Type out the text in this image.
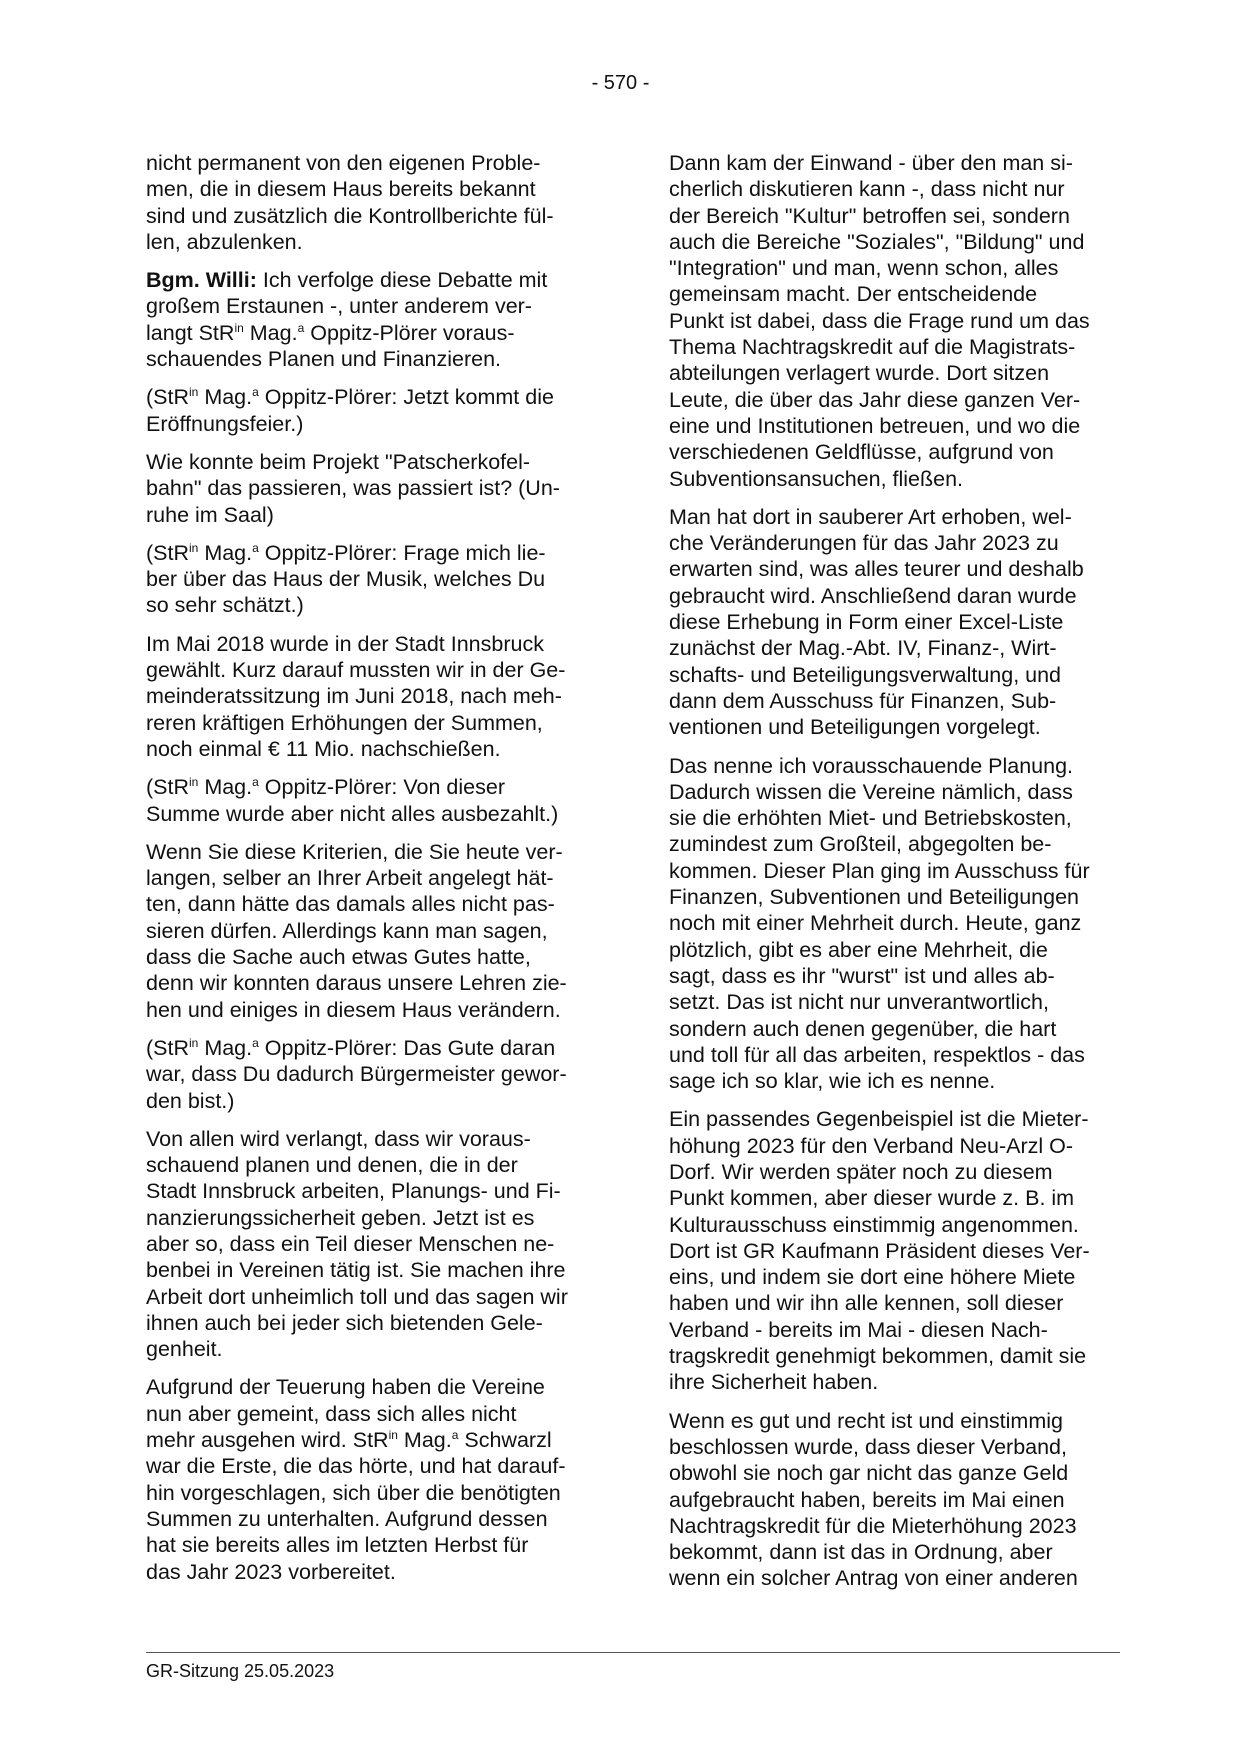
- 570 -

nicht permanent von den eigenen Proble-
men, die in diesem Haus bereits bekannt
sind und zusätzlich die Kontrollberichte fül-
len, abzulenken.

Bgm. Willi: Ich verfolge diese Debatte mit
großem Erstaunen -, unter anderem ver-
langt StR$^{in}$ Mag.$^a$ Oppitz-Plörer voraus-
schauendes Planen und Finanzieren.

(StR$^{in}$ Mag.$^a$ Oppitz-Plörer: Jetzt kommt die
Eröffnungsfeier.)

Wie konnte beim Projekt "Patscherkofel-
bahn" das passieren, was passiert ist? (Un-
ruhe im Saal)

(StR$^{in}$ Mag.$^a$ Oppitz-Plörer: Frage mich lie-
ber über das Haus der Musik, welches Du
so sehr schätzt.)

Im Mai 2018 wurde in der Stadt Innsbruck
gewählt. Kurz darauf mussten wir in der Ge-
meinderatssitzung im Juni 2018, nach meh-
reren kräftigen Erhöhungen der Summen,
noch einmal € 11 Mio. nachschießen.

(StR$^{in}$ Mag.$^a$ Oppitz-Plörer: Von dieser
Summe wurde aber nicht alles ausbezahlt.)

Wenn Sie diese Kriterien, die Sie heute ver-
langen, selber an Ihrer Arbeit angelegt hät-
ten, dann hätte das damals alles nicht pas-
sieren dürfen. Allerdings kann man sagen,
dass die Sache auch etwas Gutes hatte,
denn wir konnten daraus unsere Lehren zie-
hen und einiges in diesem Haus verändern.

(StR$^{in}$ Mag.$^a$ Oppitz-Plörer: Das Gute daran
war, dass Du dadurch Bürgermeister gewor-
den bist.)

Von allen wird verlangt, dass wir voraus-
schauend planen und denen, die in der
Stadt Innsbruck arbeiten, Planungs- und Fi-
nanzierungssicherheit geben. Jetzt ist es
aber so, dass ein Teil dieser Menschen ne-
benbei in Vereinen tätig ist. Sie machen ihre
Arbeit dort unheimlich toll und das sagen wir
ihnen auch bei jeder sich bietenden Gele-
genheit.

Aufgrund der Teuerung haben die Vereine
nun aber gemeint, dass sich alles nicht
mehr ausgehen wird. StR$^{in}$ Mag.$^a$ Schwarzl
war die Erste, die das hörte, und hat darauf-
hin vorgeschlagen, sich über die benötigten
Summen zu unterhalten. Aufgrund dessen
hat sie bereits alles im letzten Herbst für
das Jahr 2023 vorbereitet.

Dann kam der Einwand - über den man si-
cherlich diskutieren kann -, dass nicht nur
der Bereich "Kultur" betroffen sei, sondern
auch die Bereiche "Soziales", "Bildung" und
"Integration" und man, wenn schon, alles
gemeinsam macht. Der entscheidende
Punkt ist dabei, dass die Frage rund um das
Thema Nachtragskredit auf die Magistrats-
abteilungen verlagert wurde. Dort sitzen
Leute, die über das Jahr diese ganzen Ver-
eine und Institutionen betreuen, und wo die
verschiedenen Geldflüsse, aufgrund von
Subventionsansuchen, fließen.

Man hat dort in sauberer Art erhoben, wel-
che Veränderungen für das Jahr 2023 zu
erwarten sind, was alles teurer und deshalb
gebraucht wird. Anschließend daran wurde
diese Erhebung in Form einer Excel-Liste
zunächst der Mag.-Abt. IV, Finanz-, Wirt-
schafts- und Beteiligungsverwaltung, und
dann dem Ausschuss für Finanzen, Sub-
ventionen und Beteiligungen vorgelegt.

Das nenne ich vorausschauende Planung.
Dadurch wissen die Vereine nämlich, dass
sie die erhöhten Miet- und Betriebskosten,
zumindest zum Großteil, abgegolten be-
kommen. Dieser Plan ging im Ausschuss für
Finanzen, Subventionen und Beteiligungen
noch mit einer Mehrheit durch. Heute, ganz
plötzlich, gibt es aber eine Mehrheit, die
sagt, dass es ihr "wurst" ist und alles ab-
setzt. Das ist nicht nur unverantwortlich,
sondern auch denen gegenüber, die hart
und toll für all das arbeiten, respektlos - das
sage ich so klar, wie ich es nenne.

Ein passendes Gegenbeispiel ist die Mieter-
höhung 2023 für den Verband Neu-Arzl O-
Dorf. Wir werden später noch zu diesem
Punkt kommen, aber dieser wurde z. B. im
Kulturausschuss einstimmig angenommen.
Dort ist GR Kaufmann Präsident dieses Ver-
eins, und indem sie dort eine höhere Miete
haben und wir ihn alle kennen, soll dieser
Verband - bereits im Mai - diesen Nach-
tragskredit genehmigt bekommen, damit sie
ihre Sicherheit haben.

Wenn es gut und recht ist und einstimmig
beschlossen wurde, dass dieser Verband,
obwohl sie noch gar nicht das ganze Geld
aufgebraucht haben, bereits im Mai einen
Nachtragskredit für die Mieterhöhung 2023
bekommt, dann ist das in Ordnung, aber
wenn ein solcher Antrag von einer anderen

GR-Sitzung 25.05.2023
